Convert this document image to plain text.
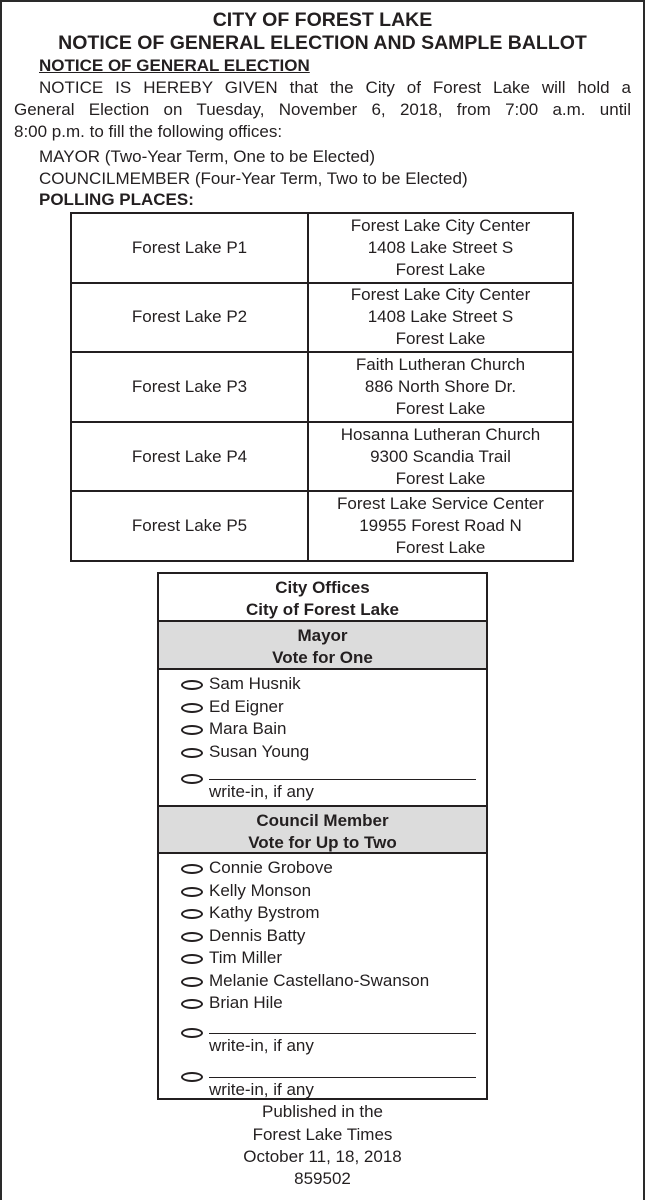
CITY OF FOREST LAKE
NOTICE OF GENERAL ELECTION AND SAMPLE BALLOT
NOTICE OF GENERAL ELECTION
NOTICE IS HEREBY GIVEN that the City of Forest Lake will hold a
General Election on Tuesday, November 6, 2018, from 7:00 a.m. until
8:00 p.m. to fill the following offices:
MAYOR (Two-Year Term, One to be Elected)
COUNCILMEMBER (Four-Year Term, Two to be Elected)
POLLING PLACES:
Forest Lake P1	Forest Lake City Center
1408 Lake Street S
Forest Lake

Forest Lake P2	Forest Lake City Center
1408 Lake Street S
Forest Lake

Forest Lake P3	Faith Lutheran Church
886 North Shore Dr.
Forest Lake

Forest Lake P4	Hosanna Lutheran Church
9300 Scandia Trail
Forest Lake

Forest Lake P5	Forest Lake Service Center
19955 Forest Road N
Forest Lake
City Offices
City of Forest Lake
Mayor
Vote for One
Sam Husnik
Ed Eigner
Mara Bain
Susan Young
write-in, if any
Council Member
Vote for Up to Two
Connie Grobove
Kelly Monson
Kathy Bystrom
Dennis Batty
Tim Miller
Melanie Castellano-Swanson
Brian Hile
write-in, if any
write-in, if any
Published in the
Forest Lake Times
October 11, 18, 2018
859502
